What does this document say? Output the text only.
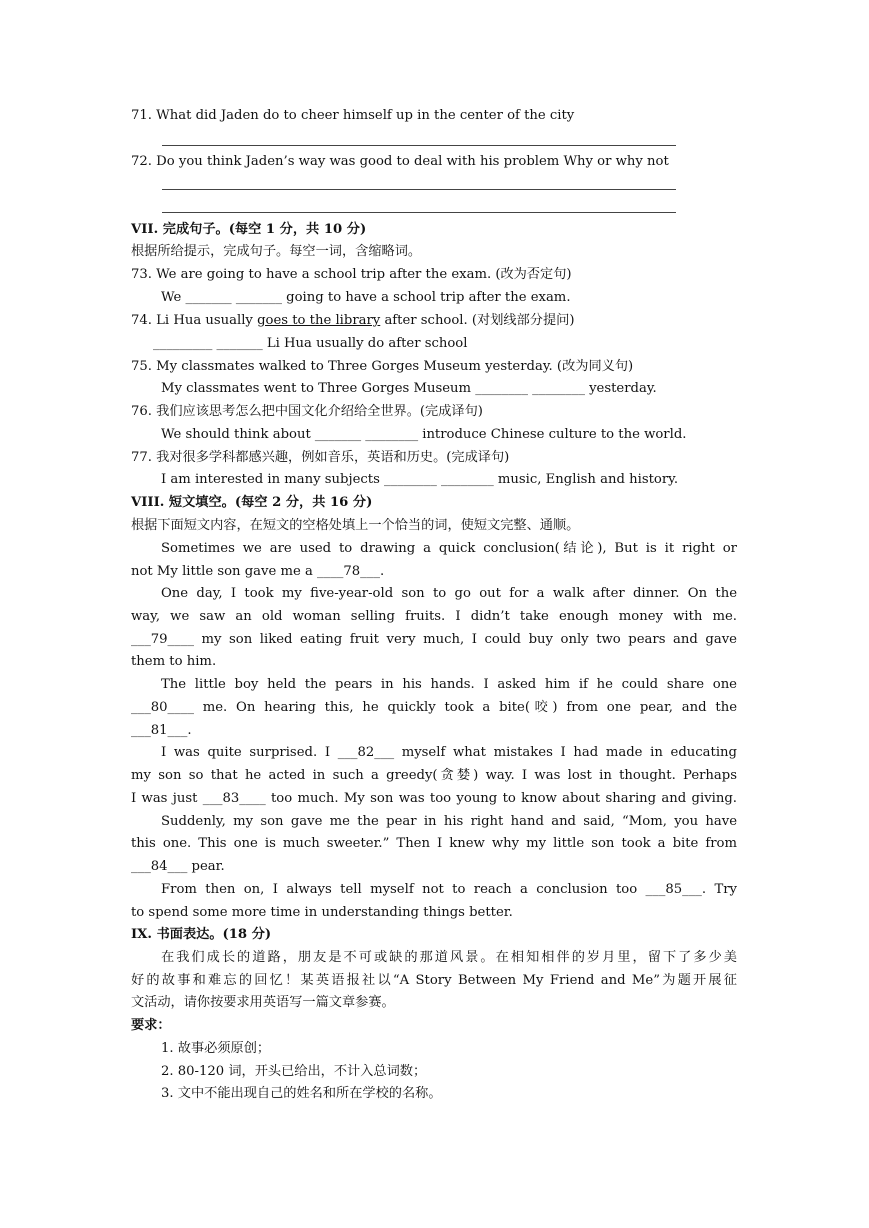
71. What did Jaden do to cheer himself up in the center of the city
72. Do you think Jaden’s way was good to deal with his problem Why or why not
VII. 完成句子。(每空 1 分，共 10 分)
根据所给提示，完成句子。每空一词，含缩略词。
73. We are going to have a school trip after the exam. (改为否定句)
We _______ _______ going to have a school trip after the exam.
74. Li Hua usually goes to the library after school. (对划线部分提问)
_________ _______ Li Hua usually do after school
75. My classmates walked to Three Gorges Museum yesterday. (改为同义句)
My classmates went to Three Gorges Museum ________ ________ yesterday.
76. 我们应该思考怎么把中国文化介绍给全世界。(完成译句)
We should think about _______ ________ introduce Chinese culture to the world.
77. 我对很多学科都感兴趣，例如音乐，英语和历史。(完成译句)
I am interested in many subjects ________ ________ music, English and history.
VIII. 短文填空。(每空 2 分，共 16 分)
根据下面短文内容，在短文的空格处填上一个恰当的词，使短文完整、通顺。
Sometimes we are used to drawing a quick conclusion(结论), But is it right or
not My little son gave me a ____78___.
One day, I took my five-year-old son to go out for a walk after dinner. On the
way, we saw an old woman selling fruits. I didn’t take enough money with me.
___79____ my son liked eating fruit very much, I could buy only two pears and gave
them to him.
The little boy held the pears in his hands. I asked him if he could share one
___80____ me. On hearing this, he quickly took a bite(咬) from one pear, and the
___81___.
I was quite surprised. I ___82___ myself what mistakes I had made in educating
my son so that he acted in such a greedy(贪婪) way. I was lost in thought. Perhaps
I was just ___83____ too much. My son was too young to know about sharing and giving.
Suddenly, my son gave me the pear in his right hand and said, “Mom, you have
this one. This one is much sweeter.” Then I knew why my little son took a bite from
___84___ pear.
From then on, I always tell myself not to reach a conclusion too ___85___. Try
to spend some more time in understanding things better.
IX. 书面表达。(18 分)
在我们成长的道路，朋友是不可或缺的那道风景。在相知相伴的岁月里，留下了多少美
好的故事和难忘的回忆！某英语报社以“A Story Between My Friend and Me”为题开展征
文活动，请你按要求用英语写一篇文章参赛。
要求：
1. 故事必须原创；
2. 80-120 词，开头已给出，不计入总词数；
3. 文中不能出现自己的姓名和所在学校的名称。
